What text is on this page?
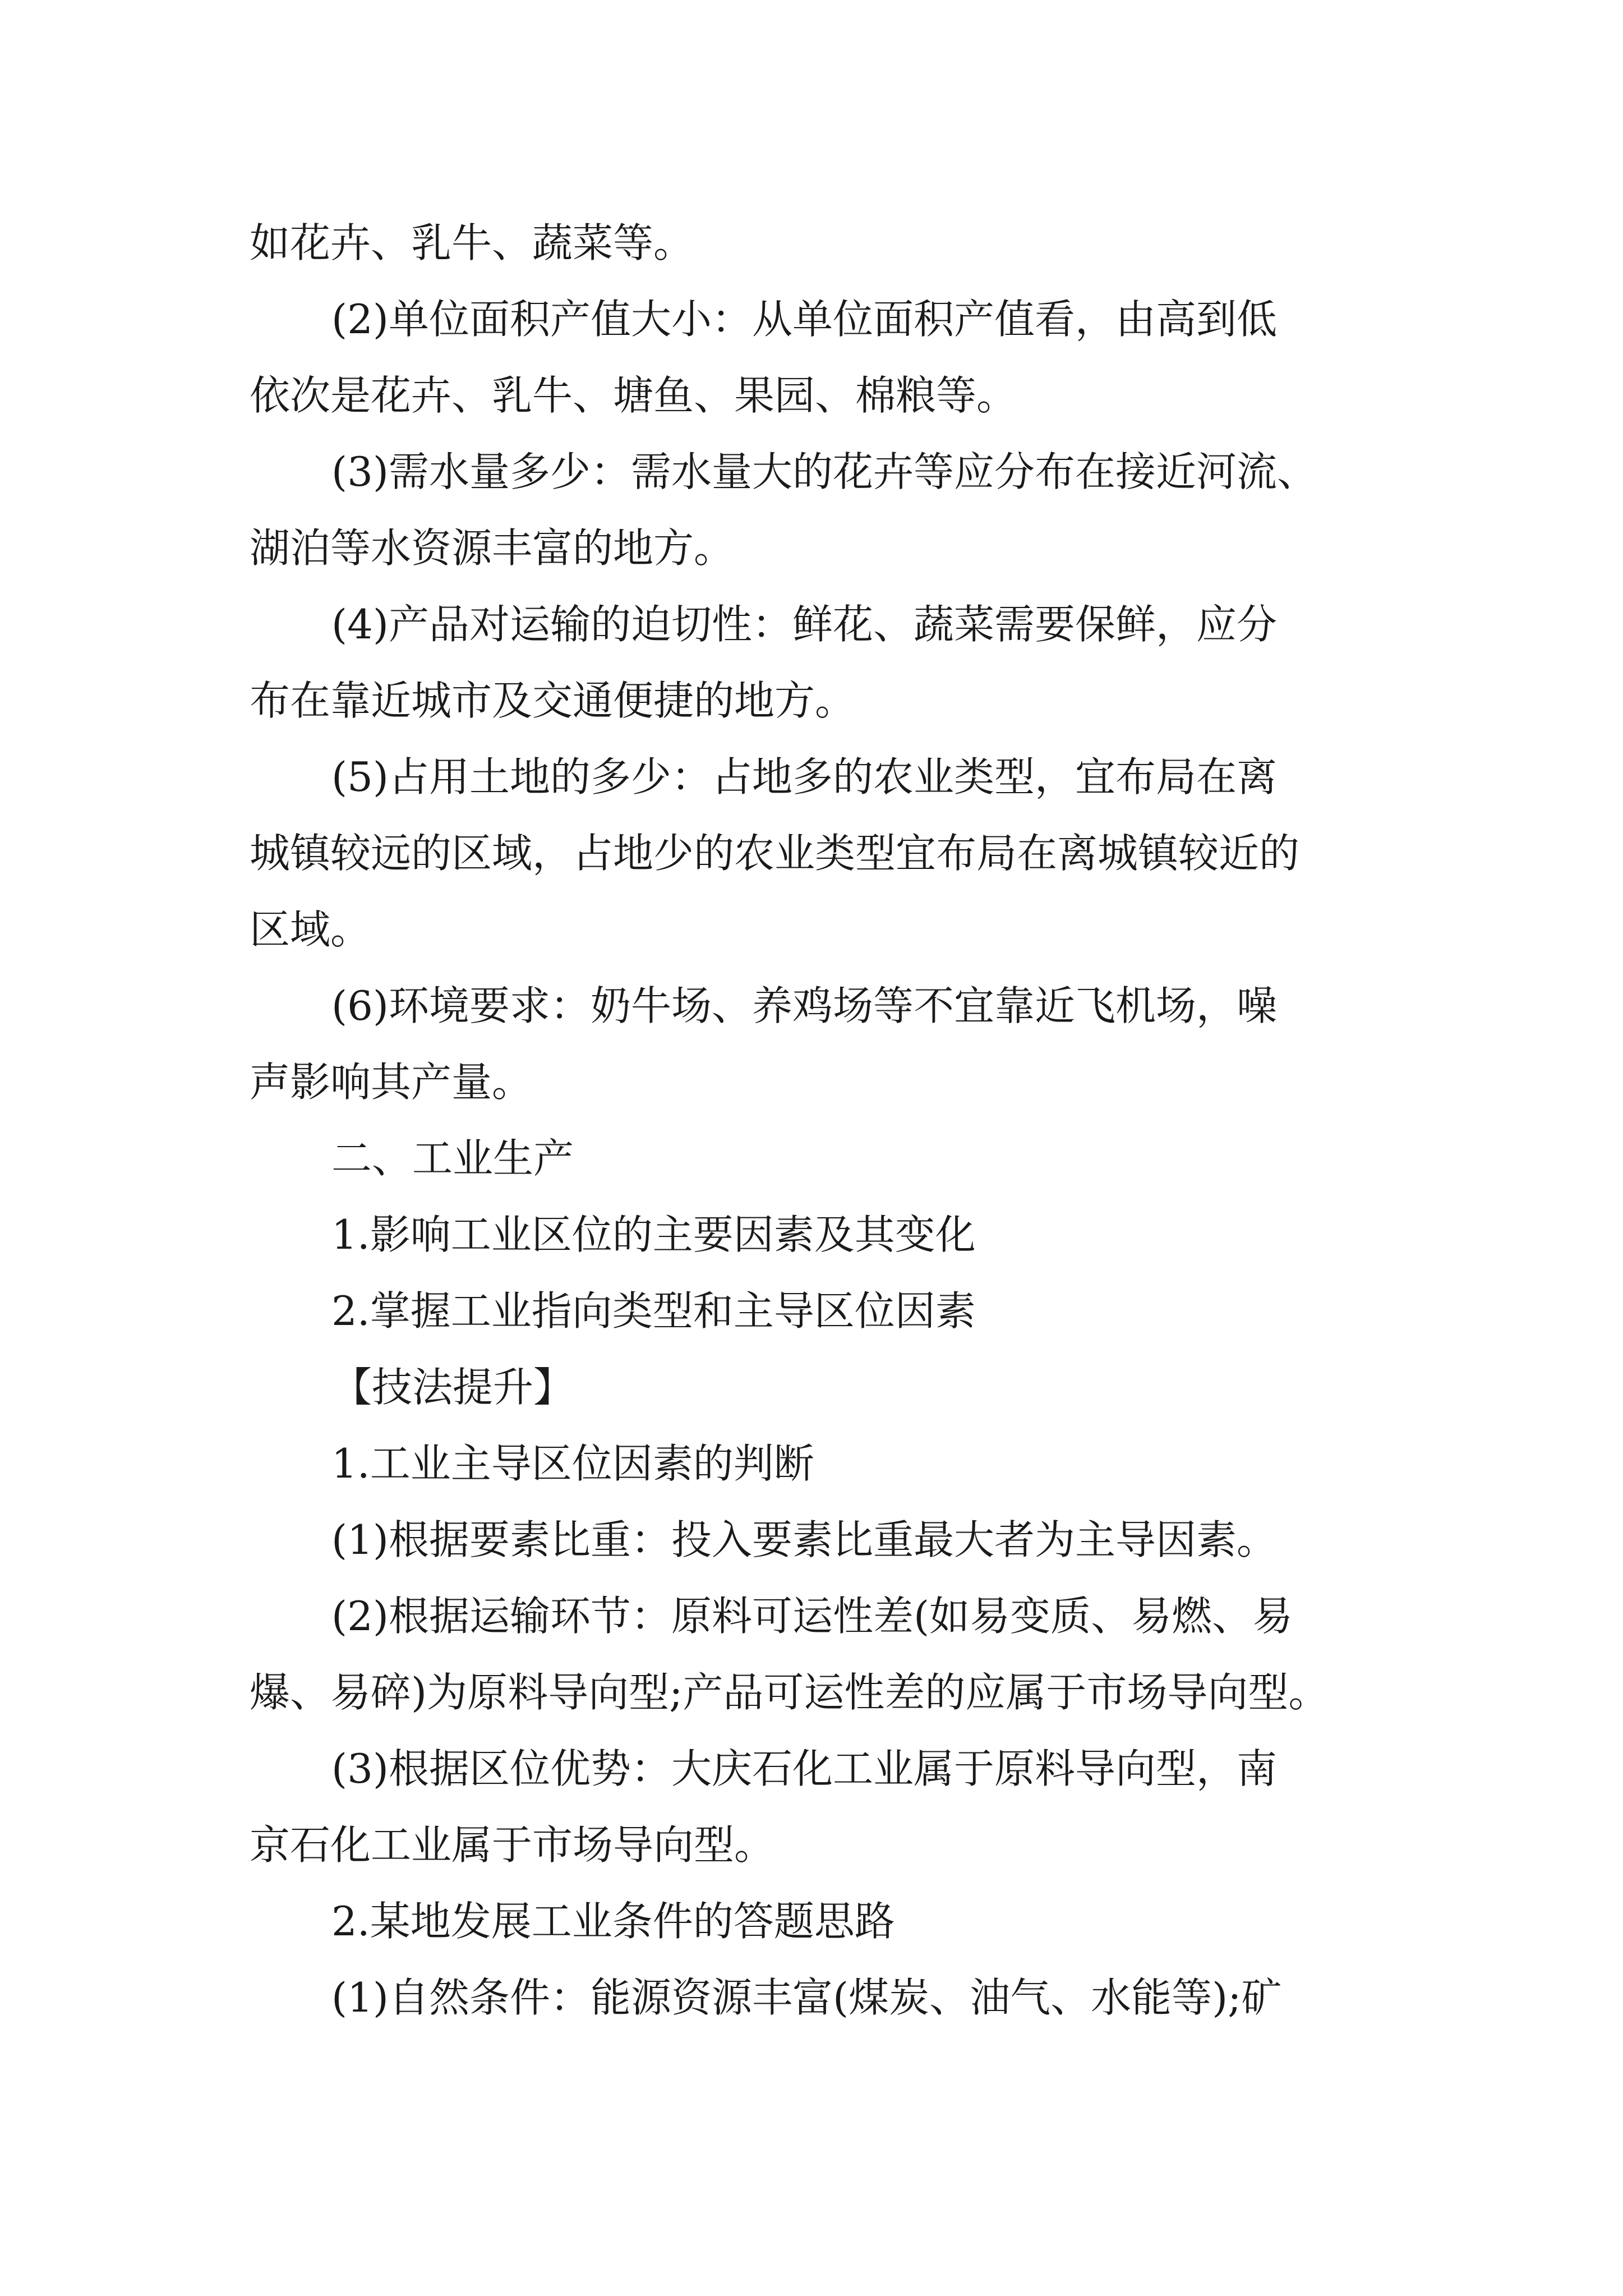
如花卉、乳牛、蔬菜等。
(2)单位面积产值大小：从单位面积产值看，由高到低
依次是花卉、乳牛、塘鱼、果园、棉粮等。
(3)需水量多少：需水量大的花卉等应分布在接近河流、
湖泊等水资源丰富的地方。
(4)产品对运输的迫切性：鲜花、蔬菜需要保鲜，应分
布在靠近城市及交通便捷的地方。
(5)占用土地的多少：占地多的农业类型，宜布局在离
城镇较远的区域，占地少的农业类型宜布局在离城镇较近的
区域。
(6)环境要求：奶牛场、养鸡场等不宜靠近飞机场，噪
声影响其产量。
二、工业生产
1.影响工业区位的主要因素及其变化
2.掌握工业指向类型和主导区位因素
【技法提升】
1.工业主导区位因素的判断
(1)根据要素比重：投入要素比重最大者为主导因素。
(2)根据运输环节：原料可运性差(如易变质、易燃、易
爆、易碎)为原料导向型;产品可运性差的应属于市场导向型。
(3)根据区位优势：大庆石化工业属于原料导向型，南
京石化工业属于市场导向型。
2.某地发展工业条件的答题思路
(1)自然条件：能源资源丰富(煤炭、油气、水能等);矿
